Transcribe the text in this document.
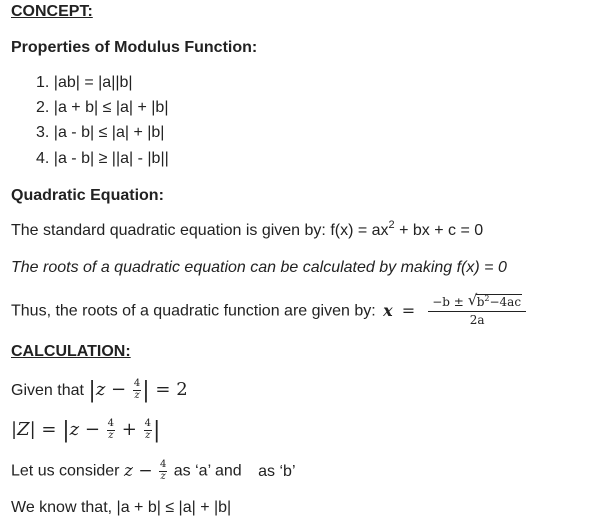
CONCEPT:
Properties of Modulus Function:
1. |ab| = |a||b|
2. |a + b| ≤ |a| + |b|
3. |a - b| ≤ |a| + |b|
4. |a - b| ≥ ||a| - |b||
Quadratic Equation:
The standard quadratic equation is given by: $f(x) = ax^2$ + bx + c = 0
The roots of a quadratic equation can be calculated by making f(x) = 0
Thus, the roots of a quadratic function are given by: $x = \frac{-b \pm √ b^2-4ac}{2a}$
CALCULATION:
Given that $|z - \frac{4}{z}$ | = 2
$|Z| = |z - \frac{4}{z} + \frac{4}{z}$ |
Let us consider $z - \frac{4}{z}$ as ‘a’ and as ‘b’
We know that, |a + b| ≤ |a| + |b|
